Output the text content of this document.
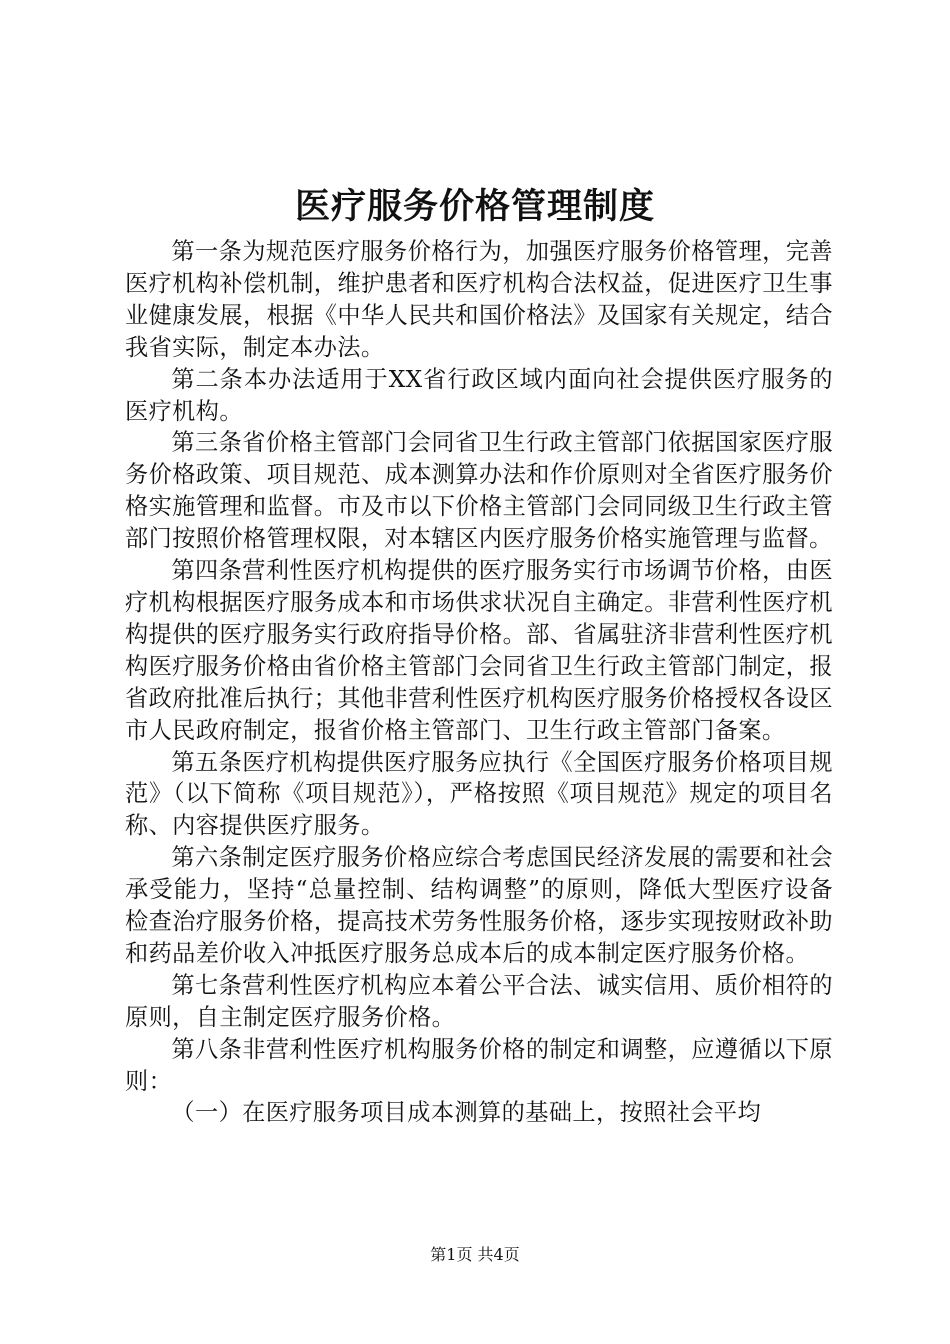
医疗服务价格管理制度

第一条为规范医疗服务价格行为，加强医疗服务价格管理，完善医疗机构补偿机制，维护患者和医疗机构合法权益，促进医疗卫生事业健康发展，根据《中华人民共和国价格法》及国家有关规定，结合我省实际，制定本办法。

第二条本办法适用于XX省行政区域内面向社会提供医疗服务的医疗机构。

第三条省价格主管部门会同省卫生行政主管部门依据国家医疗服务价格政策、项目规范、成本测算办法和作价原则对全省医疗服务价格实施管理和监督。市及市以下价格主管部门会同同级卫生行政主管部门按照价格管理权限，对本辖区内医疗服务价格实施管理与监督。

第四条营利性医疗机构提供的医疗服务实行市场调节价格，由医疗机构根据医疗服务成本和市场供求状况自主确定。非营利性医疗机构提供的医疗服务实行政府指导价格。部、省属驻济非营利性医疗机构医疗服务价格由省价格主管部门会同省卫生行政主管部门制定，报省政府批准后执行；其他非营利性医疗机构医疗服务价格授权各设区市人民政府制定，报省价格主管部门、卫生行政主管部门备案。

第五条医疗机构提供医疗服务应执行《全国医疗服务价格项目规范》（以下简称《项目规范》），严格按照《项目规范》规定的项目名称、内容提供医疗服务。

第六条制定医疗服务价格应综合考虑国民经济发展的需要和社会承受能力，坚持“总量控制、结构调整”的原则，降低大型医疗设备检查治疗服务价格，提高技术劳务性服务价格，逐步实现按财政补助和药品差价收入冲抵医疗服务总成本后的成本制定医疗服务价格。

第七条营利性医疗机构应本着公平合法、诚实信用、质价相符的原则，自主制定医疗服务价格。

第八条非营利性医疗机构服务价格的制定和调整，应遵循以下原则：

（一）在医疗服务项目成本测算的基础上，按照社会平均

第1页 共4页
